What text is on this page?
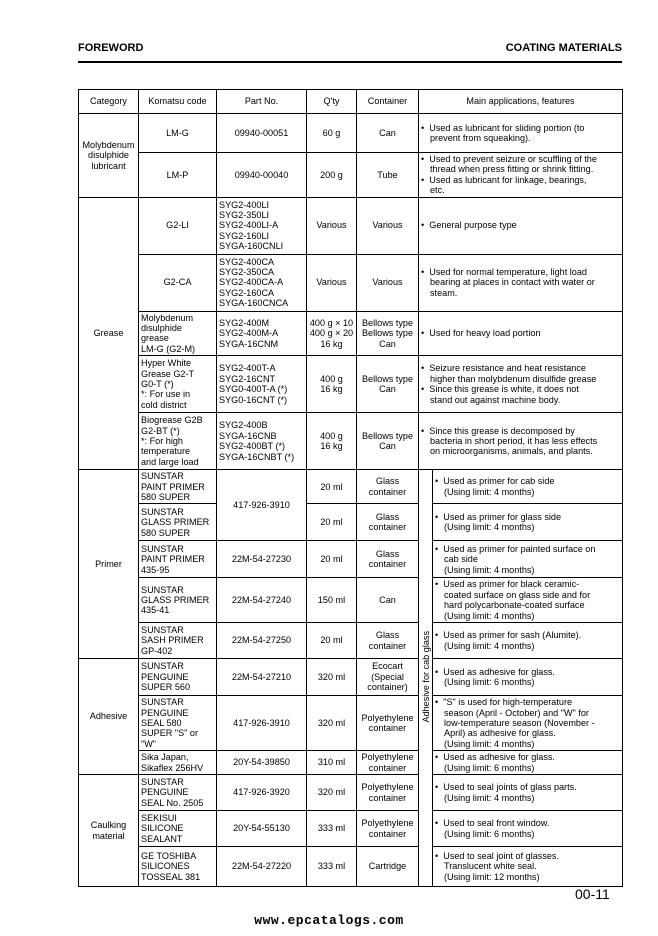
FOREWORD	COATING MATERIALS
Category	Komatsu code	Part No.	Q'ty	Container	Main applications, features	
Molybdenum disulphide lubricant	LM-G	09940-00051	60 g	Can	•  Used as lubricant for sliding portion (to
prevent from squeaking).

	LM-P	09940-00040	200 g	Tube	•  Used to prevent seizure or scuffling of the
thread when press fitting or shrink fitting.
•  Used as lubricant for linkage, bearings,
etc.

Grease	G2-LI	SYG2-400LI
SYG2-350LI
SYG2-400LI-A
SYG2-160LI
SYGA-160CNLI	Various	Various	•  General purpose type

	G2-CA	SYG2-400CA
SYG2-350CA
SYG2-400CA-A
SYG2-160CA
SYGA-160CNCA	Various	Various	•  Used for normal temperature, light load
bearing at places in contact with water or
steam.

	Molybdenum
disulphide
grease
LM-G (G2-M)	SYG2-400M
SYG2-400M-A
SYGA-16CNM	400 g × 10
400 g × 20
16 kg	Bellows type
Bellows type
Can	•  Used for heavy load portion

	Hyper White
Grease G2-T
G0-T (*)
*: For use in
cold district	SYG2-400T-A
SYG2-16CNT
SYG0-400T-A (*)
SYG0-16CNT (*)	400 g
16 kg	Bellows type
Can	•  Seizure resistance and heat resistance
higher than molybdenum disulfide grease
•  Since this grease is white, it does not
stand out against machine body.

	Biogrease G2B
G2-BT (*)
*: For high
temperature
and large load	SYG2-400B
SYGA-16CNB
SYG2-400BT (*)
SYGA-16CNBT (*)	400 g
16 kg	Bellows type
Can	•  Since this grease is decomposed by
bacteria in short period, it has less effects
on microorganisms, animals, and plants.

Primer	SUNSTAR
PAINT PRIMER
580 SUPER	417-926-3910	20 ml	Glass
container	Adhesive for cab glass	•  Used as primer for cab side
(Using limit: 4 months)

	SUNSTAR
GLASS PRIMER
580 SUPER		20 ml	Glass
container		•  Used as primer for glass side
(Using limit: 4 months)

	SUNSTAR
PAINT PRIMER
435-95	22M-54-27230	20 ml	Glass
container		•  Used as primer for painted surface on
cab side
(Using limit: 4 months)

	SUNSTAR
GLASS PRIMER
435-41	22M-54-27240	150 ml	Can		•  Used as primer for black ceramic-
coated surface on glass side and for
hard polycarbonate-coated surface
(Using limit: 4 months)

	SUNSTAR
SASH PRIMER
GP-402	22M-54-27250	20 ml	Glass
container		•  Used as primer for sash (Alumite).
(Using limit: 4 months)

Adhesive	SUNSTAR
PENGUINE
SUPER 560	22M-54-27210	320 ml	Ecocart
(Special
container)		•  Used as adhesive for glass.
(Using limit: 6 months)

	SUNSTAR
PENGUINE
SEAL 580
SUPER "S" or
"W"	417-926-3910	320 ml	Polyethylene
container		•  "S" is used for high-temperature
season (April - October) and "W" for
low-temperature season (November -
April) as adhesive for glass.
(Using limit: 4 months)

	Sika Japan,
Sikaflex 256HV	20Y-54-39850	310 ml	Polyethylene
container		•  Used as adhesive for glass.
(Using limit: 6 months)

Caulking material	SUNSTAR
PENGUINE
SEAL No. 2505	417-926-3920	320 ml	Polyethylene
container		•  Used to seal joints of glass parts.
(Using limit: 4 months)

	SEKISUI
SILICONE
SEALANT	20Y-54-55130	333 ml	Polyethylene
container		•  Used to seal front window.
(Using limit: 6 months)

	GE TOSHIBA
SILICONES
TOSSEAL 381	22M-54-27220	333 ml	Cartridge		•  Used to seal joint of glasses.
Translucent white seal.
(Using limit: 12 months)
00-11
www.epcatalogs.com
